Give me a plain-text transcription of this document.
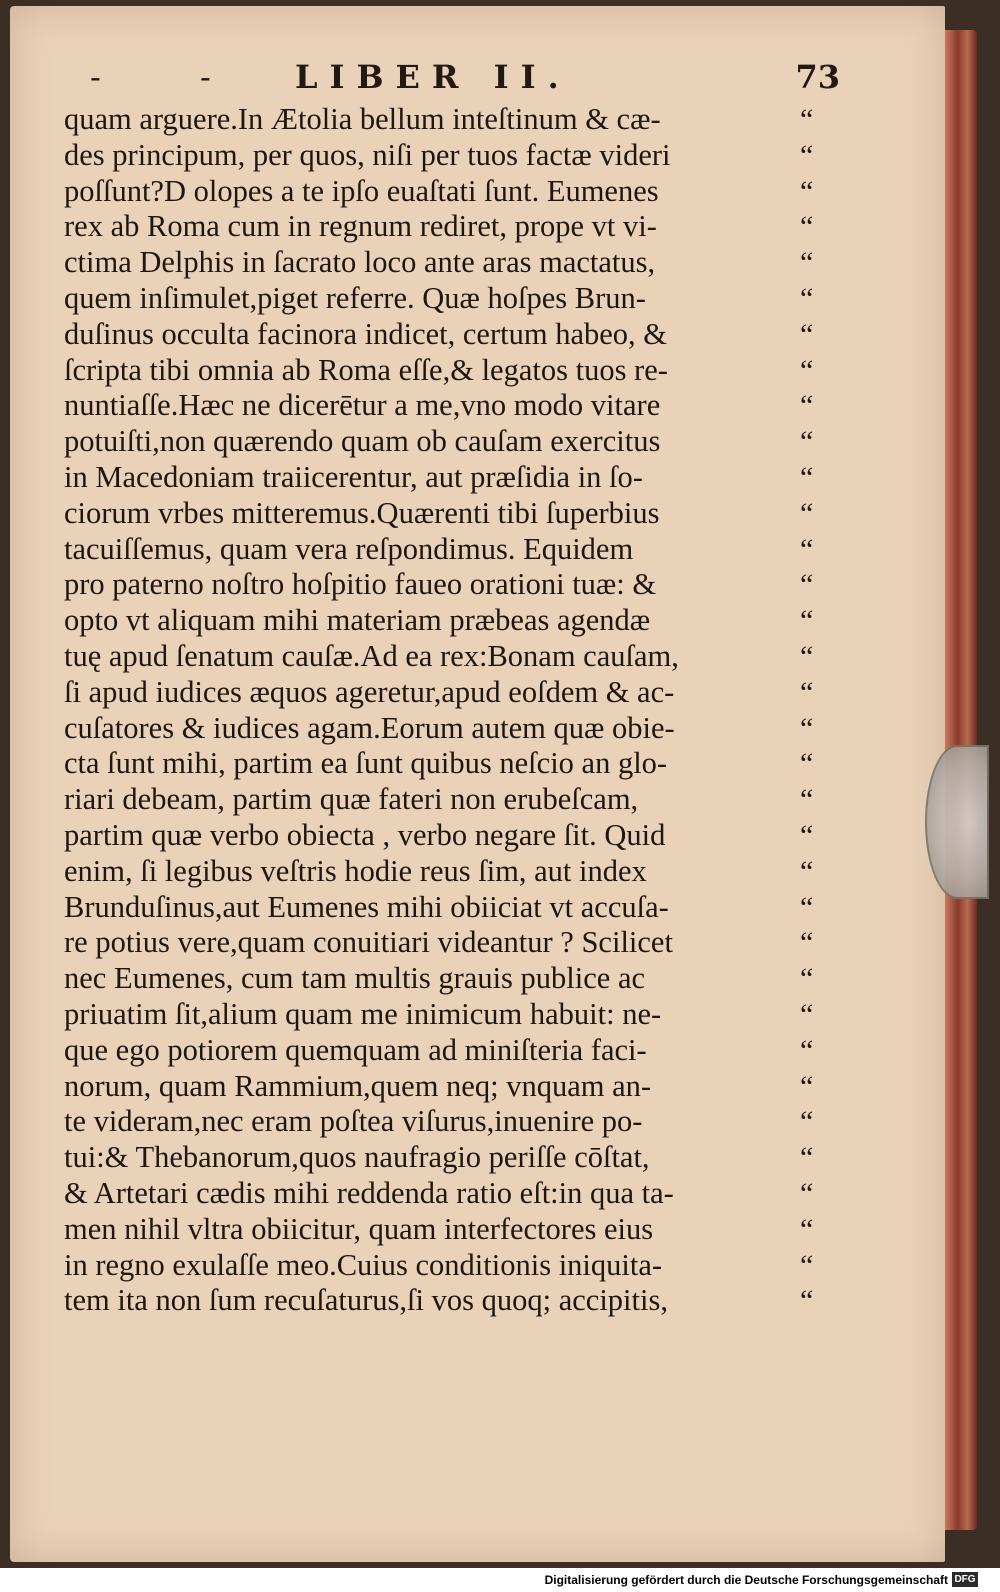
-	-	LIBER II.	73
quam arguere.In Ætolia bellum inteſtinum & cæ-
des principum, per quos, niſi per tuos factæ videri
poſſunt?D olopes a te ipſo euaſtati ſunt. Eumenes
rex ab Roma cum in regnum rediret, prope vt vi-
ctima Delphis in ſacrato loco ante aras mactatus,
quem inſimulet,piget referre. Quæ hoſpes Brun-
duſinus occulta facinora indicet, certum habeo, &
ſcripta tibi omnia ab Roma eſſe,& legatos tuos re-
nuntiaſſe.Hæc ne dicerētur a me,vno modo vitare
potuiſti,non quærendo quam ob cauſam exercitus
in Macedoniam traiicerentur, aut præſidia in ſo-
ciorum vrbes mitteremus.Quærenti tibi ſuperbius
tacuiſſemus, quam vera reſpondimus. Equidem
pro paterno noſtro hoſpitio faueo orationi tuæ: &
opto vt aliquam mihi materiam præbeas agendæ
tuę apud ſenatum cauſæ.Ad ea rex:Bonam cauſam,
ſi apud iudices æquos ageretur,apud eoſdem & ac-
cuſatores & iudices agam.Eorum autem quæ obie-
cta ſunt mihi, partim ea ſunt quibus neſcio an glo-
riari debeam, partim quæ fateri non erubeſcam,
partim quæ verbo obiecta , verbo negare ſit. Quid
enim, ſi legibus veſtris hodie reus ſim, aut index
Brunduſinus,aut Eumenes mihi obiiciat vt accuſa-
re potius vere,quam conuitiari videantur ? Scilicet
nec Eumenes, cum tam multis grauis publice ac
priuatim ſit,alium quam me inimicum habuit: ne-
que ego potiorem quemquam ad miniſteria faci-
norum, quam Rammium,quem neq; vnquam an-
te videram,nec eram poſtea viſurus,inuenire po-
tui:& Thebanorum,quos naufragio periſſe cōſtat,
& Artetari cædis mihi reddenda ratio eſt:in qua ta-
men nihil vltra obiicitur, quam interfectores eius
in regno exulaſſe meo.Cuius conditionis iniquita-
tem ita non ſum recuſaturus,ſi vos quoq; accipitis,
“
“
“
“
“
“
“
“
“
“
“
“
“
“
“
“
“
“
“
“
“
“
“
“
“
“
“
“
“
“
“
“
“
“
Digitalisierung gefördert durch die Deutsche Forschungsgemeinschaft DFG
